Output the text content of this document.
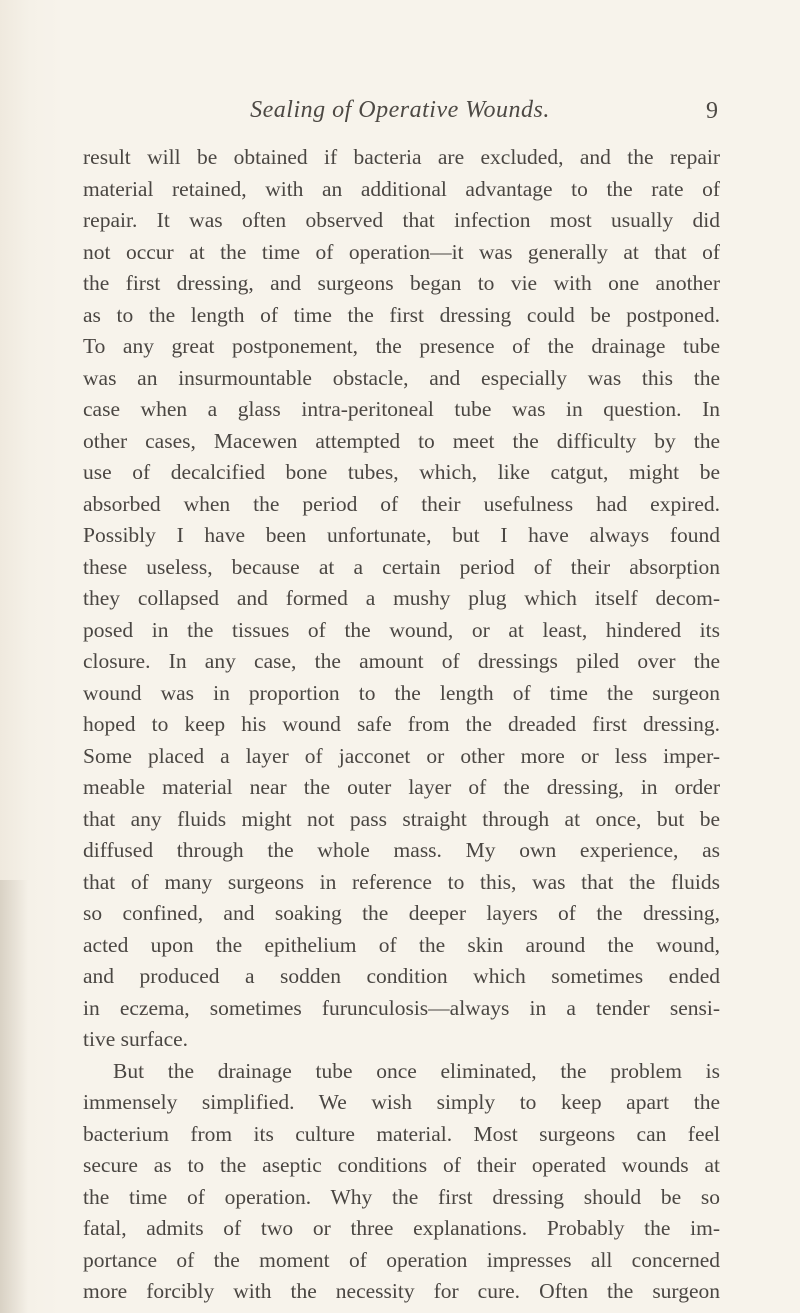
Sealing of Operative Wounds.	9
result will be obtained if bacteria are excluded, and the repair
material retained, with an additional advantage to the rate of
repair. It was often observed that infection most usually did
not occur at the time of operation—it was generally at that of
the first dressing, and surgeons began to vie with one another
as to the length of time the first dressing could be postponed.
To any great postponement, the presence of the drainage tube
was an insurmountable obstacle, and especially was this the
case when a glass intra-peritoneal tube was in question. In
other cases, Macewen attempted to meet the difficulty by the
use of decalcified bone tubes, which, like catgut, might be
absorbed when the period of their usefulness had expired.
Possibly I have been unfortunate, but I have always found
these useless, because at a certain period of their absorption
they collapsed and formed a mushy plug which itself decom-
posed in the tissues of the wound, or at least, hindered its
closure. In any case, the amount of dressings piled over the
wound was in proportion to the length of time the surgeon
hoped to keep his wound safe from the dreaded first dressing.
Some placed a layer of jacconet or other more or less imper-
meable material near the outer layer of the dressing, in order
that any fluids might not pass straight through at once, but be
diffused through the whole mass. My own experience, as
that of many surgeons in reference to this, was that the fluids
so confined, and soaking the deeper layers of the dressing,
acted upon the epithelium of the skin around the wound,
and produced a sodden condition which sometimes ended
in eczema, sometimes furunculosis—always in a tender sensi-
tive surface.
But the drainage tube once eliminated, the problem is
immensely simplified. We wish simply to keep apart the
bacterium from its culture material. Most surgeons can feel
secure as to the aseptic conditions of their operated wounds at
the time of operation. Why the first dressing should be so
fatal, admits of two or three explanations. Probably the im-
portance of the moment of operation impresses all concerned
more forcibly with the necessity for cure. Often the surgeon
